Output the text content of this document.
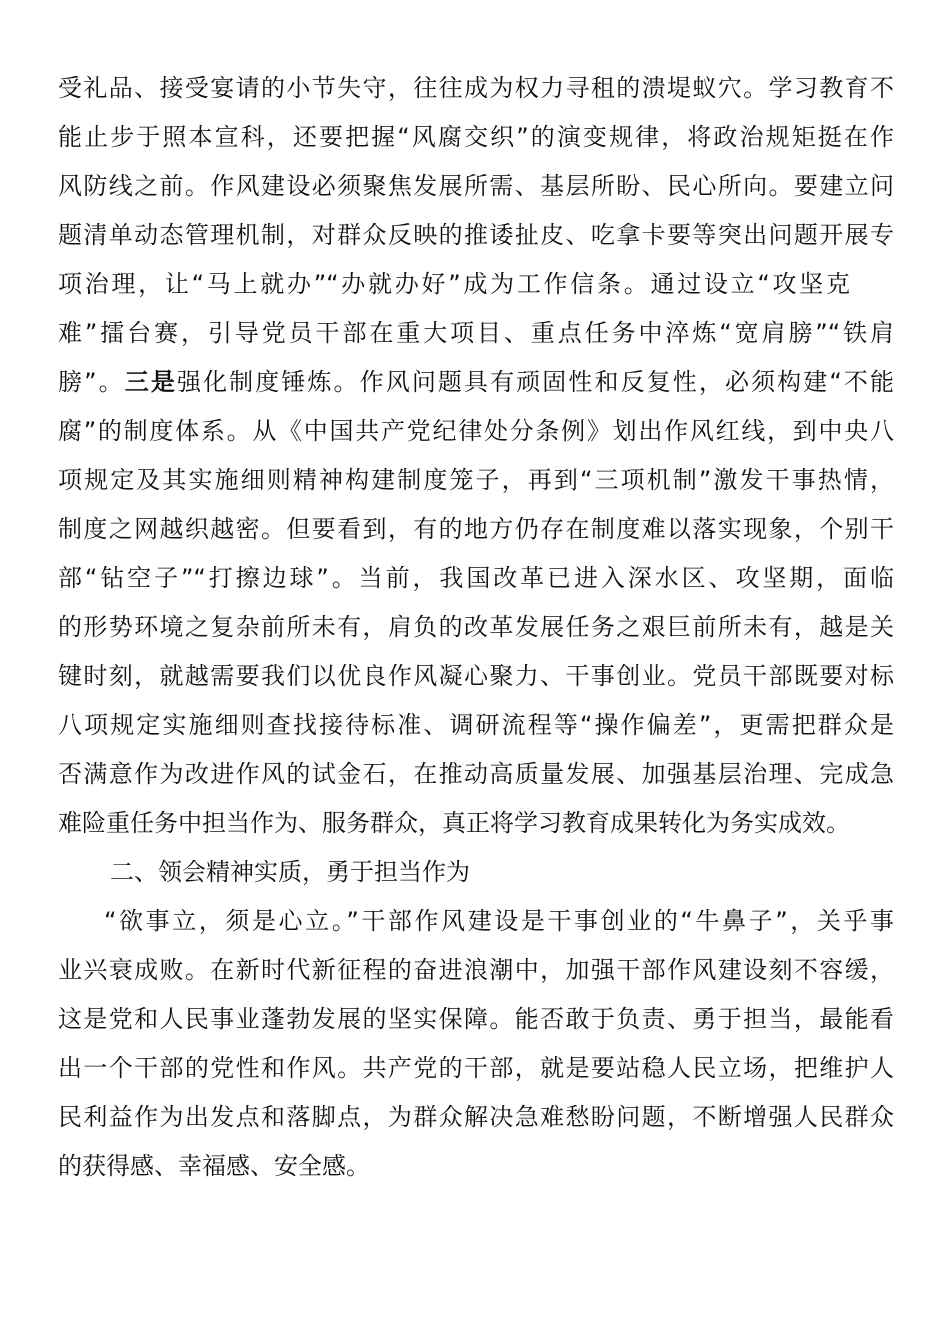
受礼品、接受宴请的小节失守，往往成为权力寻租的溃堤蚁穴。学习教育不
能止步于照本宣科，还要把握“风腐交织”的演变规律，将政治规矩挺在作
风防线之前。作风建设必须聚焦发展所需、基层所盼、民心所向。要建立问
题清单动态管理机制，对群众反映的推诿扯皮、吃拿卡要等突出问题开展专
项治理，让“马上就办”“办就办好”成为工作信条。通过设立“攻坚克
难”擂台赛，引导党员干部在重大项目、重点任务中淬炼“宽肩膀”“铁肩
膀”。三是强化制度锤炼。作风问题具有顽固性和反复性，必须构建“不能
腐”的制度体系。从《中国共产党纪律处分条例》划出作风红线，到中央八
项规定及其实施细则精神构建制度笼子，再到“三项机制”激发干事热情，
制度之网越织越密。但要看到，有的地方仍存在制度难以落实现象，个别干
部“钻空子”“打擦边球”。当前，我国改革已进入深水区、攻坚期，面临
的形势环境之复杂前所未有，肩负的改革发展任务之艰巨前所未有，越是关
键时刻，就越需要我们以优良作风凝心聚力、干事创业。党员干部既要对标
八项规定实施细则查找接待标准、调研流程等“操作偏差”，更需把群众是
否满意作为改进作风的试金石，在推动高质量发展、加强基层治理、完成急
难险重任务中担当作为、服务群众，真正将学习教育成果转化为务实成效。
二、领会精神实质，勇于担当作为
“欲事立，须是心立。”干部作风建设是干事创业的“牛鼻子”，关乎事
业兴衰成败。在新时代新征程的奋进浪潮中，加强干部作风建设刻不容缓，
这是党和人民事业蓬勃发展的坚实保障。能否敢于负责、勇于担当，最能看
出一个干部的党性和作风。共产党的干部，就是要站稳人民立场，把维护人
民利益作为出发点和落脚点，为群众解决急难愁盼问题，不断增强人民群众
的获得感、幸福感、安全感。
